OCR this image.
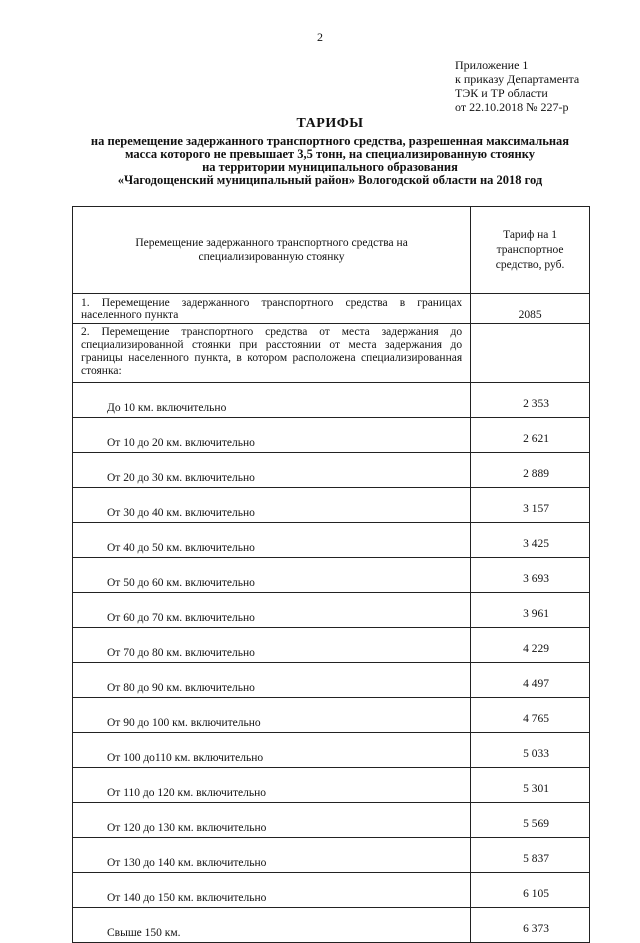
2
Приложение 1
к приказу Департамента
ТЭК и ТР области
от 22.10.2018 № 227-р
ТАРИФЫ
на перемещение задержанного транспортного средства, разрешенная максимальная
масса которого не превышает 3,5 тонн, на специализированную стоянку
на территории муниципального образования
«Чагодощенский муниципальный район» Вологодской области на 2018 год
Перемещение задержанного транспортного средства на специализированную стоянку	Тариф на 1 транспортное средство, руб.
1. Перемещение задержанного транспортного средства в границах населенного пункта	2085
2. Перемещение транспортного средства от места задержания до специализированной стоянки при расстоянии от места задержания до границы населенного пункта, в котором расположена специализированная стоянка:	
До 10 км. включительно	2 353
От 10 до 20 км. включительно	2 621
От 20 до 30 км. включительно	2 889
От 30 до 40 км. включительно	3 157
От 40 до 50 км. включительно	3 425
От 50 до 60 км. включительно	3 693
От 60 до 70 км. включительно	3 961
От 70 до 80 км. включительно	4 229
От 80 до 90 км. включительно	4 497
От 90 до 100 км. включительно	4 765
От 100 до110 км. включительно	5 033
От 110 до 120 км. включительно	5 301
От 120 до 130 км. включительно	5 569
От 130 до 140 км. включительно	5 837
От 140 до 150 км. включительно	6 105
Свыше 150 км.	6 373
